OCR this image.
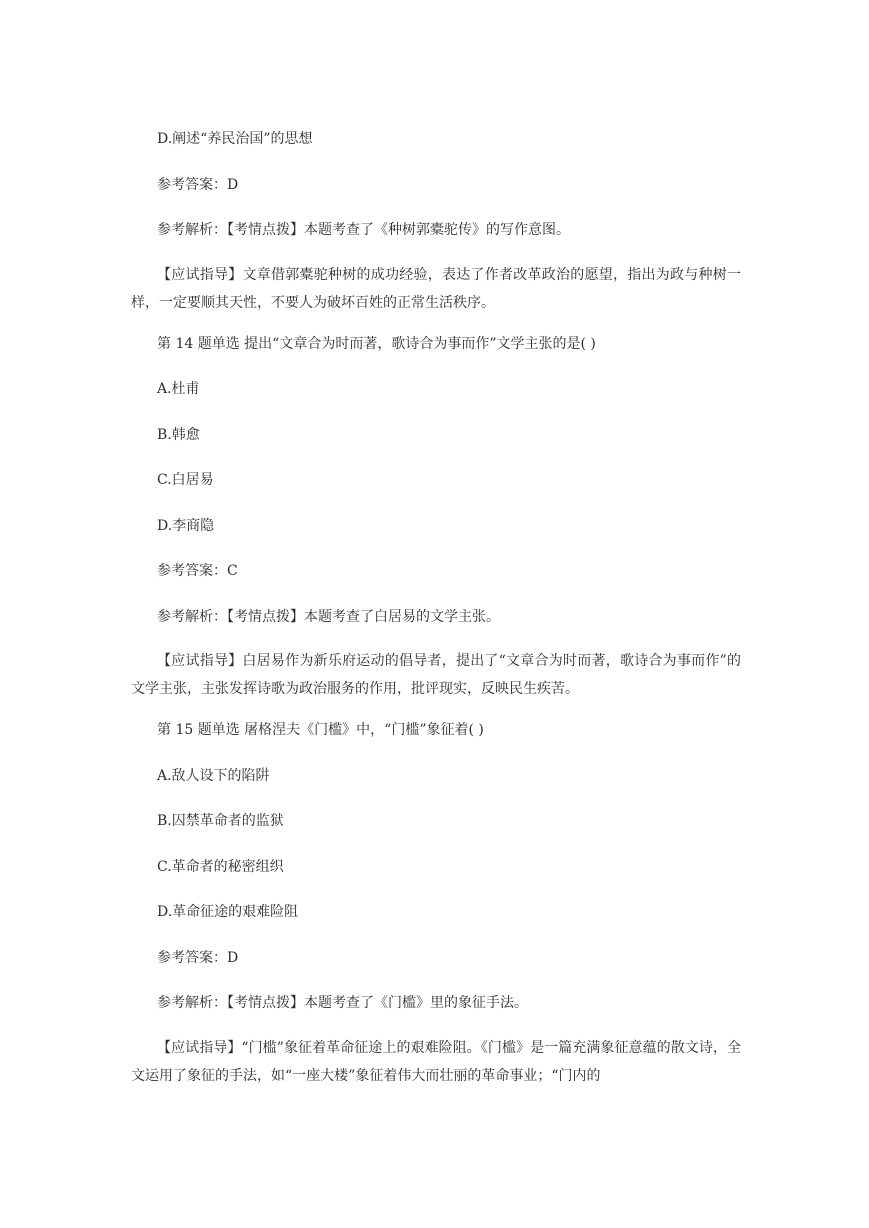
D.阐述“养民治国”的思想
参考答案：D
参考解析：【考情点拨】本题考查了《种树郭橐驼传》的写作意图。
【应试指导】文章借郭橐驼种树的成功经验，表达了作者改革政治的愿望，指出为政与种树一样，一定要顺其天性，不要人为破坏百姓的正常生活秩序。
第 14 题单选 提出“文章合为时而著，歌诗合为事而作”文学主张的是( )
A.杜甫
B.韩愈
C.白居易
D.李商隐
参考答案：C
参考解析：【考情点拨】本题考查了白居易的文学主张。
【应试指导】白居易作为新乐府运动的倡导者，提出了“文章合为时而著，歌诗合为事而作”的文学主张，主张发挥诗歌为政治服务的作用，批评现实，反映民生疾苦。
第 15 题单选 屠格涅夫《门槛》中，“门槛”象征着( )
A.敌人设下的陷阱
B.囚禁革命者的监狱
C.革命者的秘密组织
D.革命征途的艰难险阻
参考答案：D
参考解析：【考情点拨】本题考查了《门槛》里的象征手法。
【应试指导】“门槛”象征着革命征途上的艰难险阻。《门槛》是一篇充满象征意蕴的散文诗，全文运用了象征的手法，如“一座大楼”象征着伟大而壮丽的革命事业；“门内的
